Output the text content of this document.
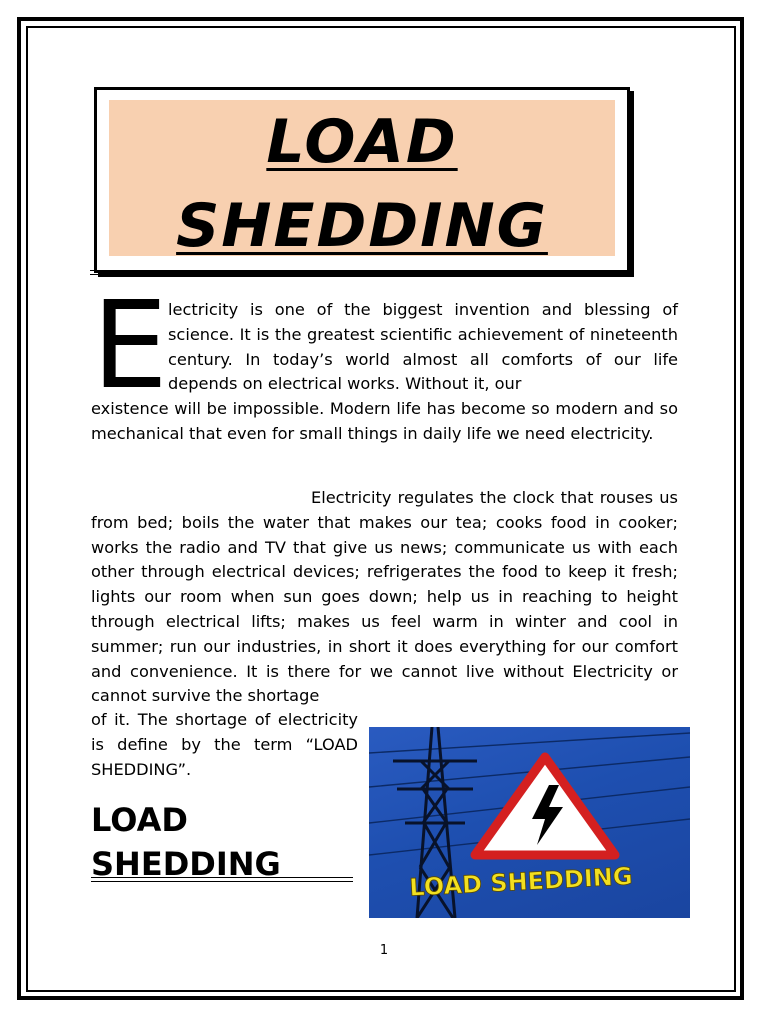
LOAD
SHEDDING
E lectricity is one of the biggest invention and blessing of science. It is the greatest scientific achievement of nineteenth century. In today’s world almost all comforts of our life depends on electrical works. Without it, our
existence will be impossible. Modern life has become so modern and so mechanical that even for small things in daily life we need electricity.
Electricity regulates the clock that rouses us from bed; boils the water that makes our tea; cooks food in cooker; works the radio and TV that give us news; communicate us with each other through electrical devices; refrigerates the food to keep it fresh; lights our room when sun goes down; help us in reaching to height through electrical lifts; makes us feel warm in winter and cool in summer; run our industries, in short it does everything for our comfort and convenience. It is there for we cannot live without Electricity or cannot survive the shortage
of it. The shortage of electricity is define by the term “LOAD SHEDDING”.
LOAD
SHEDDING	LOAD SHEDDING
1
